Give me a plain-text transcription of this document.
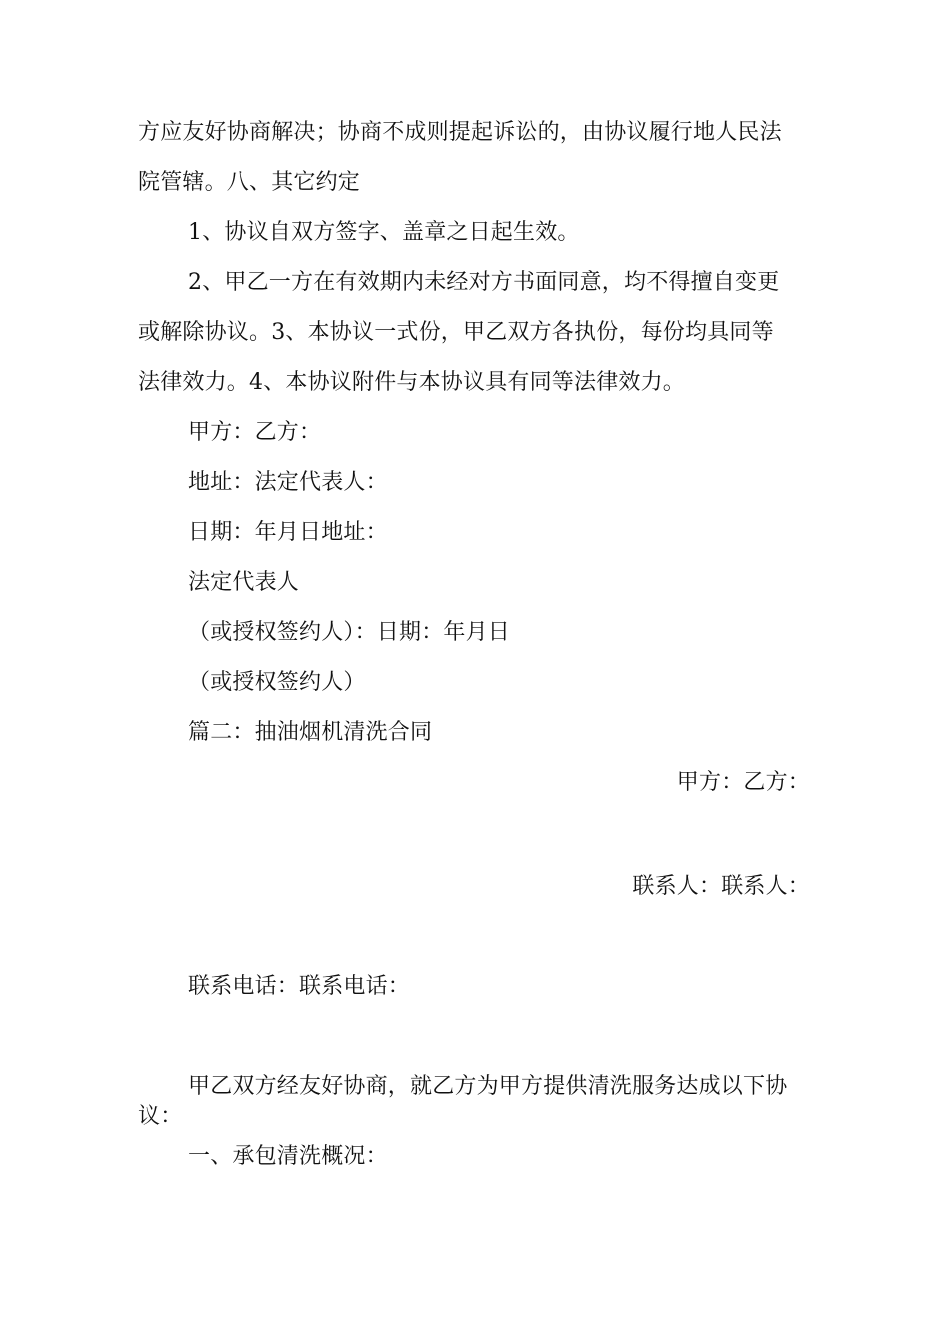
方应友好协商解决；协商不成则提起诉讼的，由协议履行地人民法
院管辖。八、其它约定
1、协议自双方签字、盖章之日起生效。
2、甲乙一方在有效期内未经对方书面同意，均不得擅自变更
或解除协议。3、本协议一式份，甲乙双方各执份，每份均具同等
法律效力。4、本协议附件与本协议具有同等法律效力。
甲方：乙方：
地址：法定代表人：
日期：年月日地址：
法定代表人
（或授权签约人）：日期：年月日
（或授权签约人）
篇二：抽油烟机清洗合同
甲方：乙方：
联系人：联系人：
联系电话：联系电话：
甲乙双方经友好协商，就乙方为甲方提供清洗服务达成以下协
议：
一、承包清洗概况：
